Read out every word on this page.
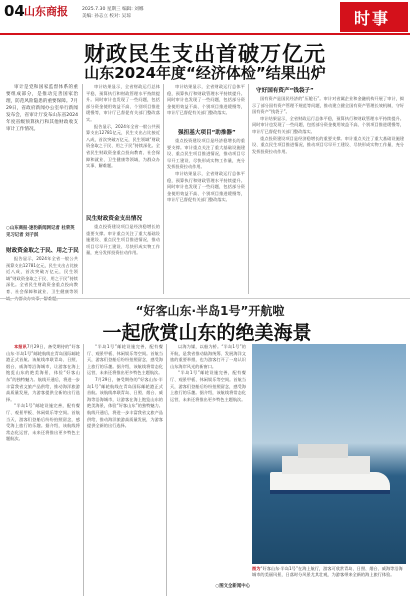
04 山东商报	2025.7.30 星期三 编辑: 刘娜
美编: 孙志立 校对: 吴琼	时事
财政民生支出首破万亿元
山东2024年度“经济体检”结果出炉

审计是党和国家监督体系的重要组成部分，是推动完善国家治理，防范风险隐患的重要保障。7月29日，省政府新闻办公室举行新闻发布会，省审计厅发布山东省2024年度省级预算执行和其他财政收支审计工作情况。

○山东商报·速豹新闻网记者 杜荣英 见习记者 刘子淇
财政资金取之于民、用之于民

报告显示，2024年全省一般公共预算支出12781亿元，民生支出占比接近八成，首次突破万亿元，民生领域“财政资金取之于民、用之于民”持续深化。全省民生财政资金重点投向教育、社会保障和就业、卫生健康等领

审计结果显示，全省财政运行总体平稳，预算执行和财政管理水平持续提升。同时审计也发现了一些问题，包括部分资金使用效益不高、个别项目推进缓慢等，审计厅已督促有关部门整改落实。

报告显示，2024年全省一般公共预算支出12781亿元，民生支出占比接近八成，首次突破万亿元，民生领域“财政资金取之于民、用之于民”持续深化。全省民生财政资金重点投向教育、社会保障和就业、卫生健康等领域，为群众办实事、解难题。

民生财政资金支出情况

重点投资建设项目是经济稳增长的重要支撑。审计重点关注了重大基础设施建设、重点民生项目推进情况，推动项目尽早开工建设、尽快形成实物工作量，充分发挥投资拉动作用。

审计结果显示，全省财政运行总体平稳，预算执行和财政管理水平持续提升。同时审计也发现了一些问题，包括部分资金使用效益不高、个别项目推进缓慢等，审计厅已督促有关部门整改落实。

强担基大项目“助推器”

重点投资建设项目是经济稳增长的重要支撑。审计重点关注了重大基础设施建设、重点民生项目推进情况，推动项目尽早开工建设、尽快形成实物工作量，充分发挥投资拉动作用。

审计结果显示，全省财政运行总体平稳，预算执行和财政管理水平持续提升。同时审计也发现了一些问题，包括部分资金使用效益不高、个别项目推进缓慢等，审计厅已督促有关部门整改落实。

守好国有资产“钱袋子”

国有资产是国民经济的“压舱石”。审计对省属企业和金融机构开展了审计，揭示了部分国有资产管理不规范等问题，推动建立健全国有资产管理长效机制，守好国有资产“钱袋子”。

审计结果显示，全省财政运行总体平稳，预算执行和财政管理水平持续提升。同时审计也发现了一些问题，包括部分资金使用效益不高、个别项目推进缓慢等，审计厅已督促有关部门整改落实。

重点投资建设项目是经济稳增长的重要支撑。审计重点关注了重大基础设施建设、重点民生项目推进情况，推动项目尽早开工建设、尽快形成实物工作量，充分发挥投资拉动作用。

“好客山东·半岛1号”开航啦
一起欣赏山东的绝美海景

本报讯7月29日，备受期待的“好客山东·半岛1号”邮轮航线在青岛国际邮轮港正式首航。该航线串联青岛、日照、烟台、威海等沿海城市，让游客在海上饱览山东的绝美海景，体验“好客山东”的独特魅力。航线开通后，将进一步丰富我省文旅产品供给，推动海洋旅游高质量发展，为游客提供全新的出行选择。

“半岛1号”邮轮设施完善，配有餐厅、观景甲板、休闲娱乐等空间。首航当天，游客们登船后纷纷拍照留念，感受海上旅行的乐趣。据介绍，该航线将常态化运营，未来还将推出更多特色主题航次。

“半岛1号”邮轮设施完善，配有餐厅、观景甲板、休闲娱乐等空间。首航当天，游客们登船后纷纷拍照留念，感受海上旅行的乐趣。据介绍，该航线将常态化运营，未来还将推出更多特色主题航次。

7月29日，备受期待的“好客山东·半岛1号”邮轮航线在青岛国际邮轮港正式首航。该航线串联青岛、日照、烟台、威海等沿海城市，让游客在海上饱览山东的绝美海景，体验“好客山东”的独特魅力。航线开通后，将进一步丰富我省文旅产品供给，推动海洋旅游高质量发展，为游客提供全新的出行选择。

以海为媒，以船为桥。“半岛1号”的开航，是我省推动陆海统筹、发展海洋文旅的重要举措，也为游客打开了一扇认识山东海岸风光的新窗口。

“半岛1号”邮轮设施完善，配有餐厅、观景甲板、休闲娱乐等空间。首航当天，游客们登船后纷纷拍照留念，感受海上旅行的乐趣。据介绍，该航线将常态化运营，未来还将推出更多特色主题航次。

○图文全新闻中心
图为“好客山东·半岛1号”在海上航行，游客可欣赏青岛、日照、烟台、威海等沿海城市的美丽风景，日落时分风景尤其壮观，为游客带来全新的海上旅行体验。
